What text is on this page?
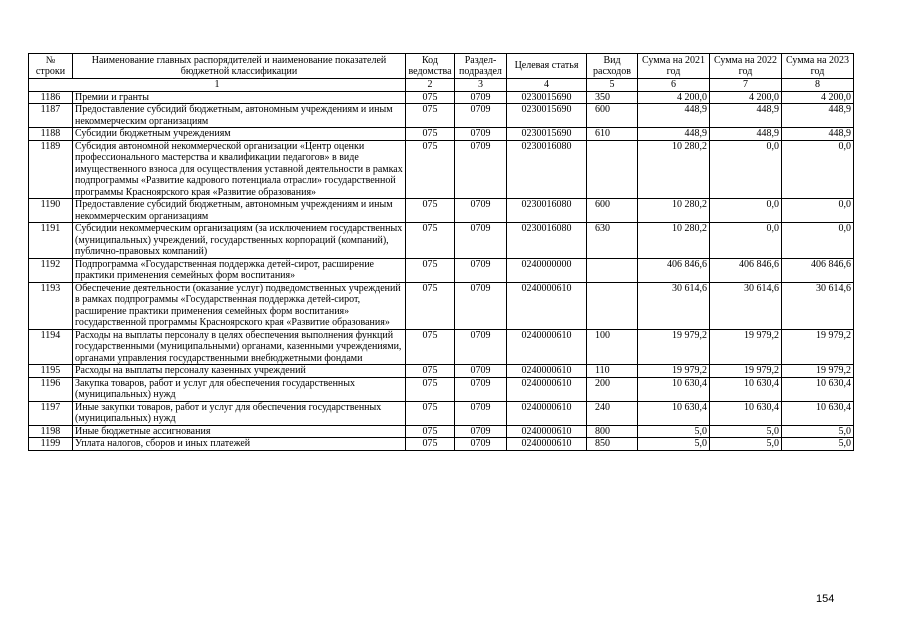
№ строки	Наименование главных распорядителей и наименование показателей бюджетной классификации	Код ведомства	Раздел-подраздел	Целевая статья	Вид расходов	Сумма на 2021 год	Сумма на 2022 год	Сумма на 2023 год
1		2	3	4	5	6	7	8
1186	Премии и гранты	075	0709	0230015690	350	4 200,0	4 200,0	4 200,0
1187	Предоставление субсидий бюджетным, автономным учреждениям и иным некоммерческим организациям	075	0709	0230015690	600	448,9	448,9	448,9
1188	Субсидии бюджетным учреждениям	075	0709	0230015690	610	448,9	448,9	448,9
1189	Субсидия автономной некоммерческой организации «Центр оценки профессионального мастерства и квалификации педагогов» в виде имущественного взноса для осуществления уставной деятельности в рамках подпрограммы «Развитие кадрового потенциала отрасли» государственной программы Красноярского края «Развитие образования»	075	0709	0230016080		10 280,2	0,0	0,0
1190	Предоставление субсидий бюджетным, автономным учреждениям и иным некоммерческим организациям	075	0709	0230016080	600	10 280,2	0,0	0,0
1191	Субсидии некоммерческим организациям (за исключением государственных (муниципальных) учреждений, государственных корпораций (компаний), публично-правовых компаний)	075	0709	0230016080	630	10 280,2	0,0	0,0
1192	Подпрограмма «Государственная поддержка детей-сирот, расширение практики применения семейных форм воспитания»	075	0709	0240000000		406 846,6	406 846,6	406 846,6
1193	Обеспечение деятельности (оказание услуг) подведомственных учреждений в рамках подпрограммы «Государственная поддержка детей-сирот, расширение практики применения семейных форм воспитания» государственной программы Красноярского края «Развитие образования»	075	0709	0240000610		30 614,6	30 614,6	30 614,6
1194	Расходы на выплаты персоналу в целях обеспечения выполнения функций государственными (муниципальными) органами, казенными учреждениями, органами управления государственными внебюджетными фондами	075	0709	0240000610	100	19 979,2	19 979,2	19 979,2
1195	Расходы на выплаты персоналу казенных учреждений	075	0709	0240000610	110	19 979,2	19 979,2	19 979,2
1196	Закупка товаров, работ и услуг для обеспечения государственных (муниципальных) нужд	075	0709	0240000610	200	10 630,4	10 630,4	10 630,4
1197	Иные закупки товаров, работ и услуг для обеспечения государственных (муниципальных) нужд	075	0709	0240000610	240	10 630,4	10 630,4	10 630,4
1198	Иные бюджетные ассигнования	075	0709	0240000610	800	5,0	5,0	5,0
1199	Уплата налогов, сборов и иных платежей	075	0709	0240000610	850	5,0	5,0	5,0
154
